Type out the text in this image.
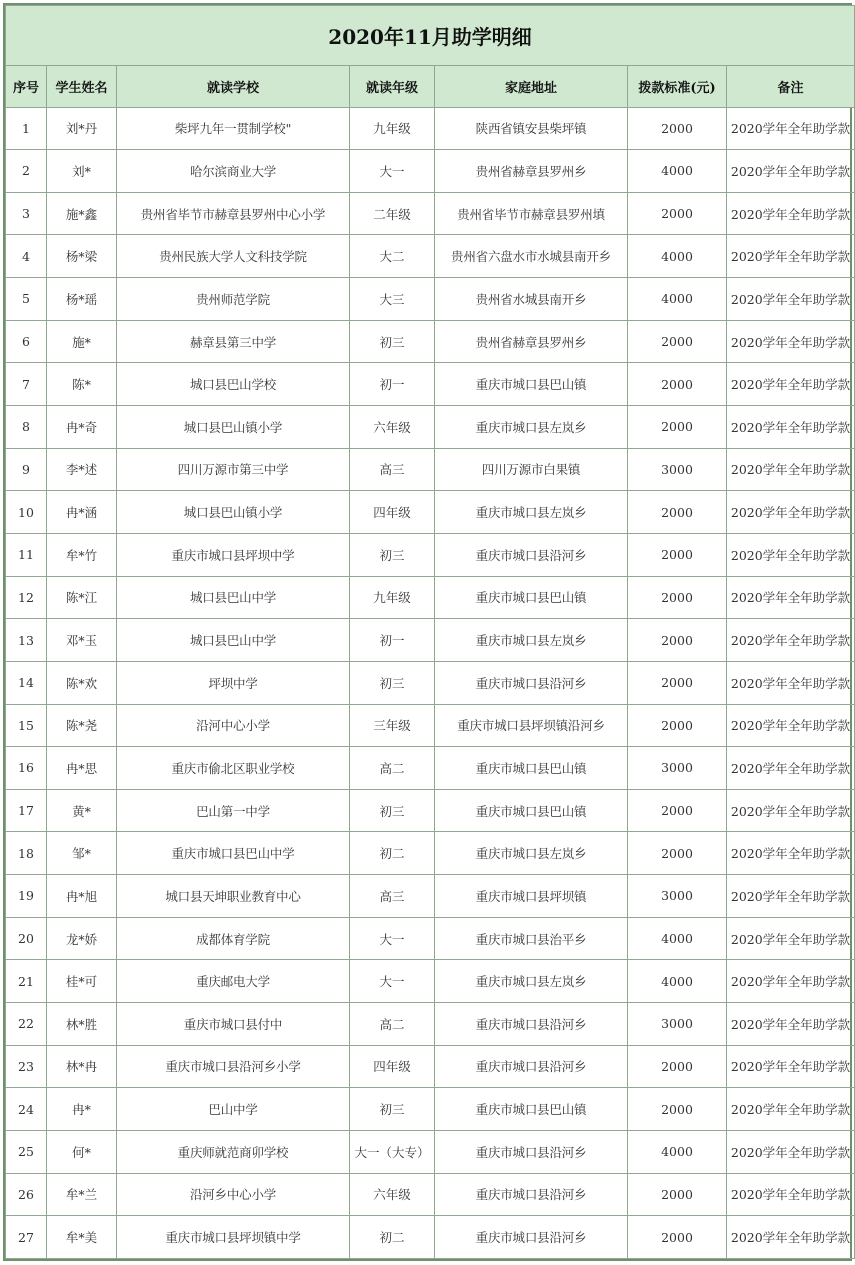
2020年11月助学明细						
序号	学生姓名	就读学校	就读年级	家庭地址	拨款标准(元)	备注
1	刘*丹	柴坪九年一贯制学校"	九年级	陕西省镇安县柴坪镇	2000	2020学年全年助学款
2	刘*	哈尔滨商业大学	大一	贵州省赫章县罗州乡	4000	2020学年全年助学款
3	施*鑫	贵州省毕节市赫章县罗州中心小学	二年级	贵州省毕节市赫章县罗州填	2000	2020学年全年助学款
4	杨*梁	贵州民族大学人文科技学院	大二	贵州省六盘水市水城县南开乡	4000	2020学年全年助学款
5	杨*瑶	贵州师范学院	大三	贵州省水城县南开乡	4000	2020学年全年助学款
6	施*	赫章县第三中学	初三	贵州省赫章县罗州乡	2000	2020学年全年助学款
7	陈*	城口县巴山学校	初一	重庆市城口县巴山镇	2000	2020学年全年助学款
8	冉*奇	城口县巴山镇小学	六年级	重庆市城口县左岚乡	2000	2020学年全年助学款
9	李*述	四川万源市第三中学	高三	四川万源市白果镇	3000	2020学年全年助学款
10	冉*涵	城口县巴山镇小学	四年级	重庆市城口县左岚乡	2000	2020学年全年助学款
11	牟*竹	重庆市城口县坪坝中学	初三	重庆市城口县沿河乡	2000	2020学年全年助学款
12	陈*江	城口县巴山中学	九年级	重庆市城口县巴山镇	2000	2020学年全年助学款
13	邓*玉	城口县巴山中学	初一	重庆市城口县左岚乡	2000	2020学年全年助学款
14	陈*欢	坪坝中学	初三	重庆市城口县沿河乡	2000	2020学年全年助学款
15	陈*尧	沿河中心小学	三年级	重庆市城口县坪坝镇沿河乡	2000	2020学年全年助学款
16	冉*思	重庆市偷北区职业学校	高二	重庆市城口县巴山镇	3000	2020学年全年助学款
17	黄*	巴山第一中学	初三	重庆市城口县巴山镇	2000	2020学年全年助学款
18	邹*	重庆市城口县巴山中学	初二	重庆市城口县左岚乡	2000	2020学年全年助学款
19	冉*旭	城口县天坤职业教育中心	高三	重庆市城口县坪坝镇	3000	2020学年全年助学款
20	龙*娇	成都体育学院	大一	重庆市城口县治平乡	4000	2020学年全年助学款
21	桂*可	重庆邮电大学	大一	重庆市城口县左岚乡	4000	2020学年全年助学款
22	林*胜	重庆市城口县付中	高二	重庆市城口县沿河乡	3000	2020学年全年助学款
23	林*冉	重庆市城口县沿河乡小学	四年级	重庆市城口县沿河乡	2000	2020学年全年助学款
24	冉*	巴山中学	初三	重庆市城口县巴山镇	2000	2020学年全年助学款
25	何*	重庆师就范商卯学校	大一（大专）	重庆市城口县沿河乡	4000	2020学年全年助学款
26	牟*兰	沿河乡中心小学	六年级	重庆市城口县沿河乡	2000	2020学年全年助学款
27	牟*美	重庆市城口县坪坝镇中学	初二	重庆市城口县沿河乡	2000	2020学年全年助学款
